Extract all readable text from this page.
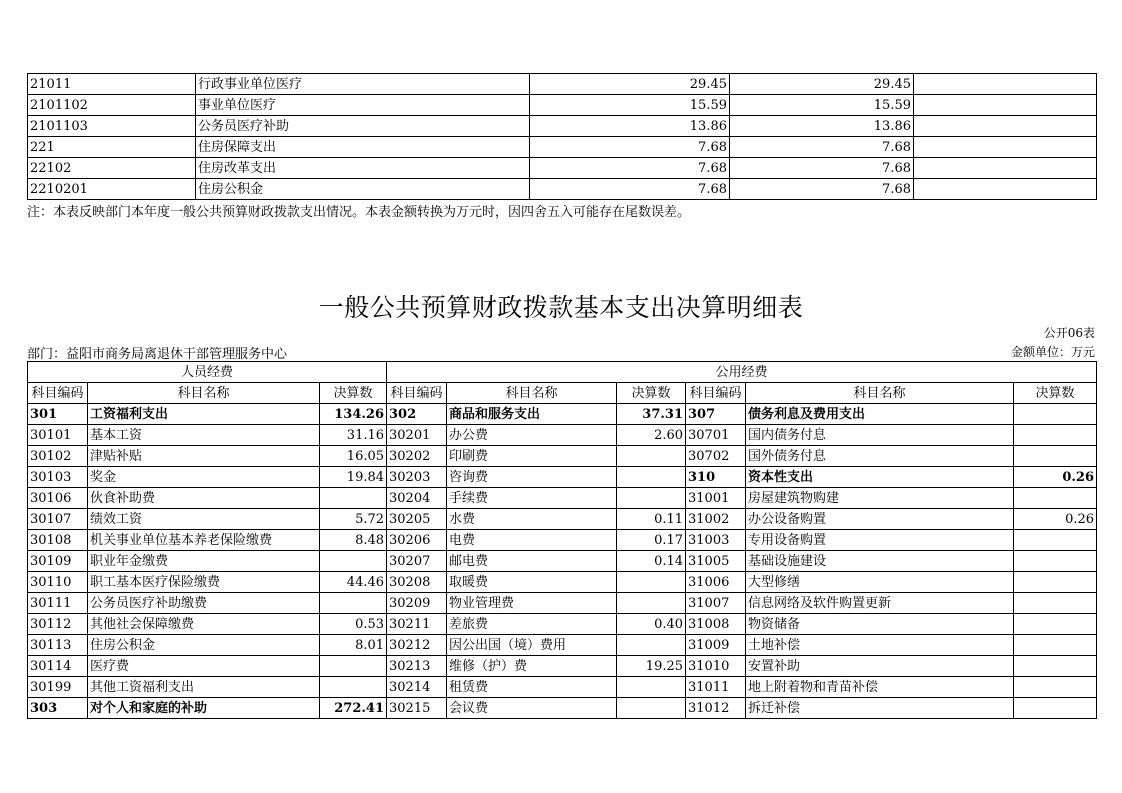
21011	行政事业单位医疗	29.45	29.45	
2101102	事业单位医疗	15.59	15.59	
2101103	公务员医疗补助	13.86	13.86	
221	住房保障支出	7.68	7.68	
22102	住房改革支出	7.68	7.68	
2210201	住房公积金	7.68	7.68	
注：本表反映部门本年度一般公共预算财政拨款支出情况。本表金额转换为万元时，因四舍五入可能存在尾数误差。
一般公共预算财政拨款基本支出决算明细表
公开06表
部门：益阳市商务局离退休干部管理服务中心	金额单位：万元
人员经费			公用经费					
科目编码	科目名称	决算数	科目编码	科目名称	决算数	科目编码	科目名称	决算数
301	工资福利支出	134.26	302	商品和服务支出	37.31	307	债务利息及费用支出	
30101	基本工资	31.16	30201	办公费	2.60	30701	国内债务付息	
30102	津贴补贴	16.05	30202	印刷费		30702	国外债务付息	
30103	奖金	19.84	30203	咨询费		310	资本性支出	0.26
30106	伙食补助费		30204	手续费		31001	房屋建筑物购建	
30107	绩效工资	5.72	30205	水费	0.11	31002	办公设备购置	0.26
30108	机关事业单位基本养老保险缴费	8.48	30206	电费	0.17	31003	专用设备购置	
30109	职业年金缴费		30207	邮电费	0.14	31005	基础设施建设	
30110	职工基本医疗保险缴费	44.46	30208	取暖费		31006	大型修缮	
30111	公务员医疗补助缴费		30209	物业管理费		31007	信息网络及软件购置更新	
30112	其他社会保障缴费	0.53	30211	差旅费	0.40	31008	物资储备	
30113	住房公积金	8.01	30212	因公出国（境）费用		31009	土地补偿	
30114	医疗费		30213	维修（护）费	19.25	31010	安置补助	
30199	其他工资福利支出		30214	租赁费		31011	地上附着物和青苗补偿	
303	对个人和家庭的补助	272.41	30215	会议费		31012	拆迁补偿	
